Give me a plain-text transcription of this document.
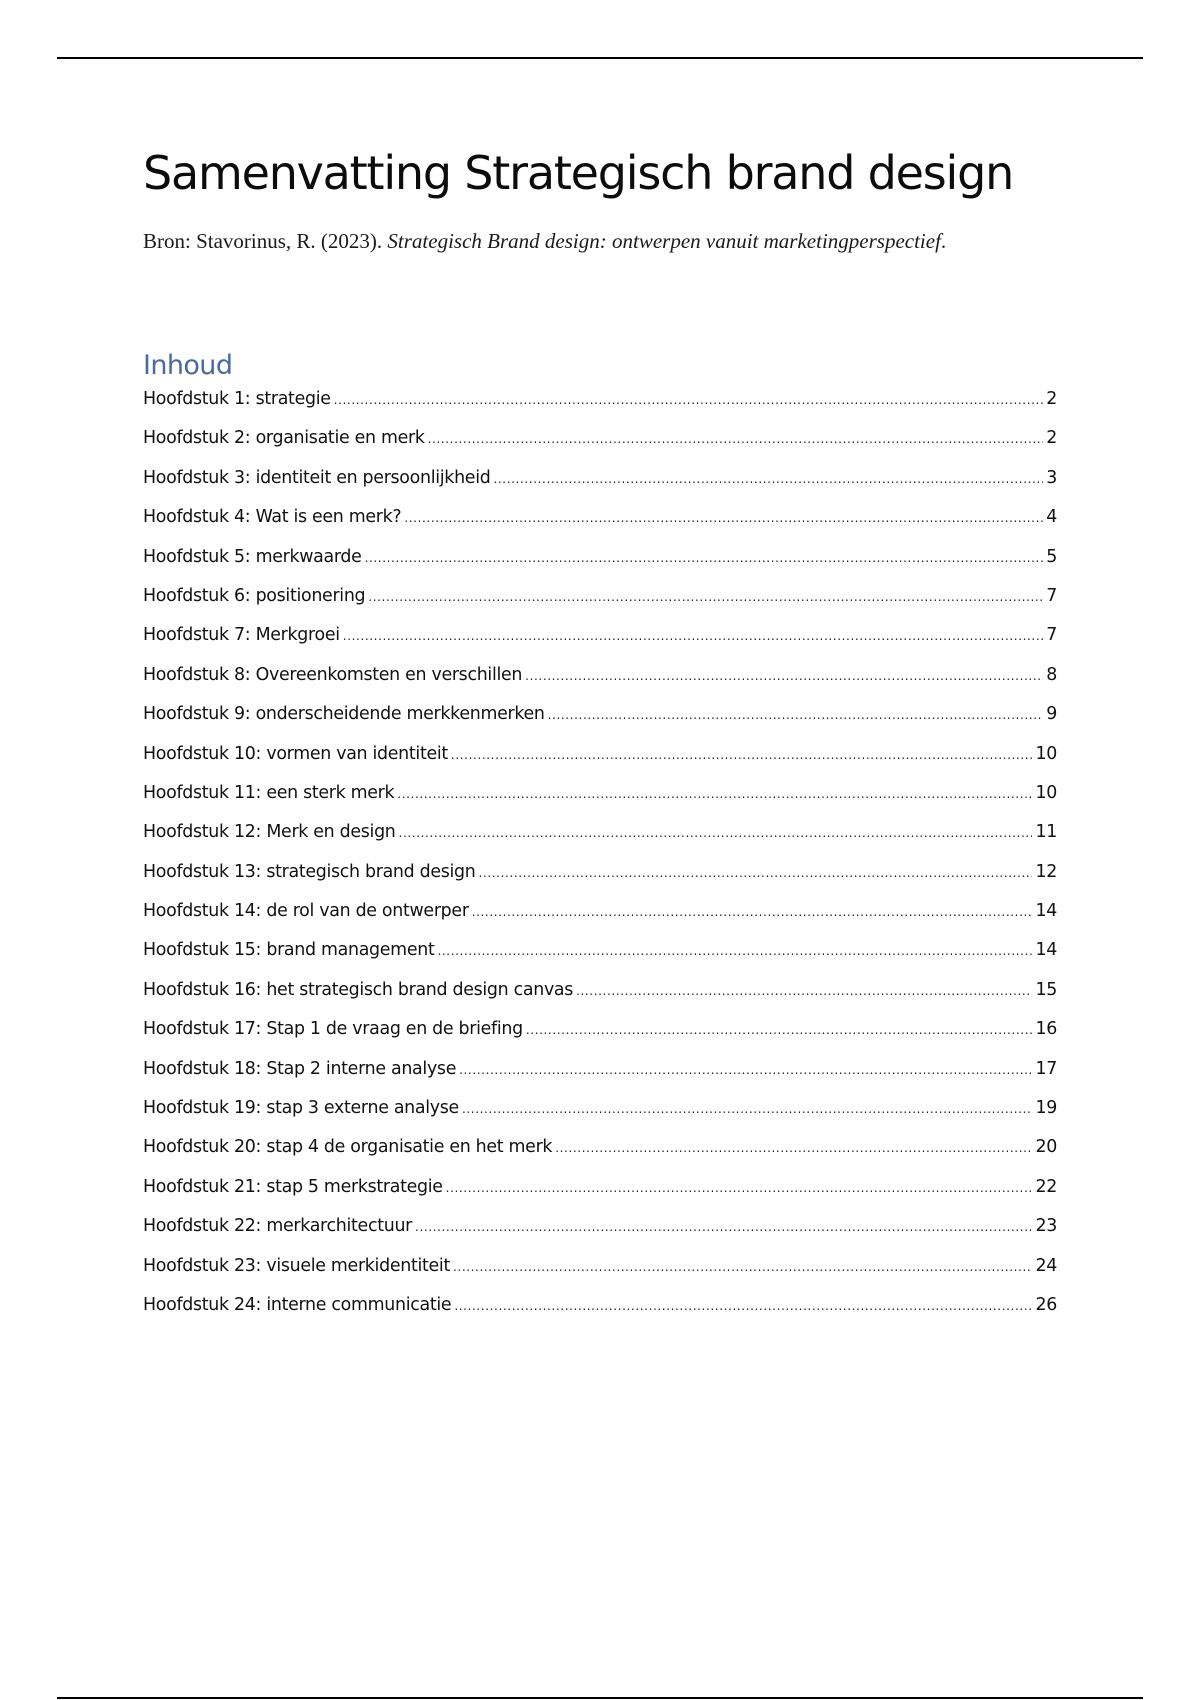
Samenvatting Strategisch brand design

Bron: Stavorinus, R. (2023). Strategisch Brand design: ontwerpen vanuit marketingperspectief.

Inhoud
Hoofdstuk 1: strategie .....	2
Hoofdstuk 2: organisatie en merk .....	2
Hoofdstuk 3: identiteit en persoonlijkheid .....	3
Hoofdstuk 4: Wat is een merk? .....	4
Hoofdstuk 5: merkwaarde .....	5
Hoofdstuk 6: positionering .....	7
Hoofdstuk 7: Merkgroei .....	7
Hoofdstuk 8: Overeenkomsten en verschillen .....	8
Hoofdstuk 9: onderscheidende merkkenmerken .....	9
Hoofdstuk 10: vormen van identiteit .....	10
Hoofdstuk 11: een sterk merk .....	10
Hoofdstuk 12: Merk en design .....	11
Hoofdstuk 13: strategisch brand design .....	12
Hoofdstuk 14: de rol van de ontwerper .....	14
Hoofdstuk 15: brand management .....	14
Hoofdstuk 16: het strategisch brand design canvas .....	15
Hoofdstuk 17: Stap 1 de vraag en de briefing .....	16
Hoofdstuk 18: Stap 2 interne analyse .....	17
Hoofdstuk 19: stap 3 externe analyse .....	19
Hoofdstuk 20: stap 4 de organisatie en het merk .....	20
Hoofdstuk 21: stap 5 merkstrategie .....	22
Hoofdstuk 22: merkarchitectuur .....	23
Hoofdstuk 23: visuele merkidentiteit .....	24
Hoofdstuk 24: interne communicatie .....	26
